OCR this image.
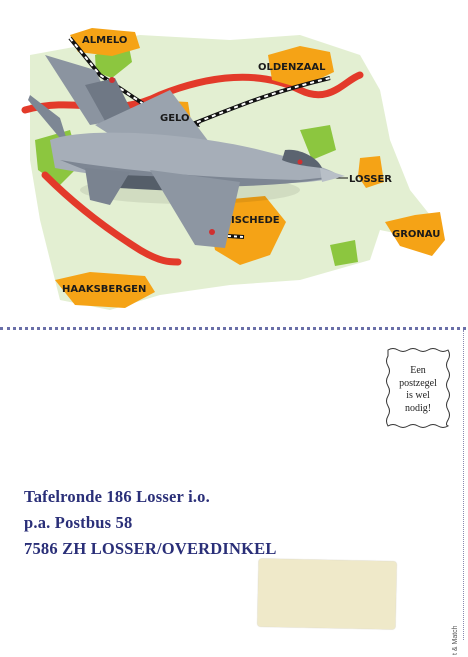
ALMELO
OLDENZAAL
GELO
LOSSER
ISCHEDE
GRONAU
HAAKSBERGEN
Een
postzegel
is wel
nodig!
Tafelronde 186 Losser i.o.
p.a. Postbus 58
7586 ZH LOSSER/OVERDINKEL
t & Match
